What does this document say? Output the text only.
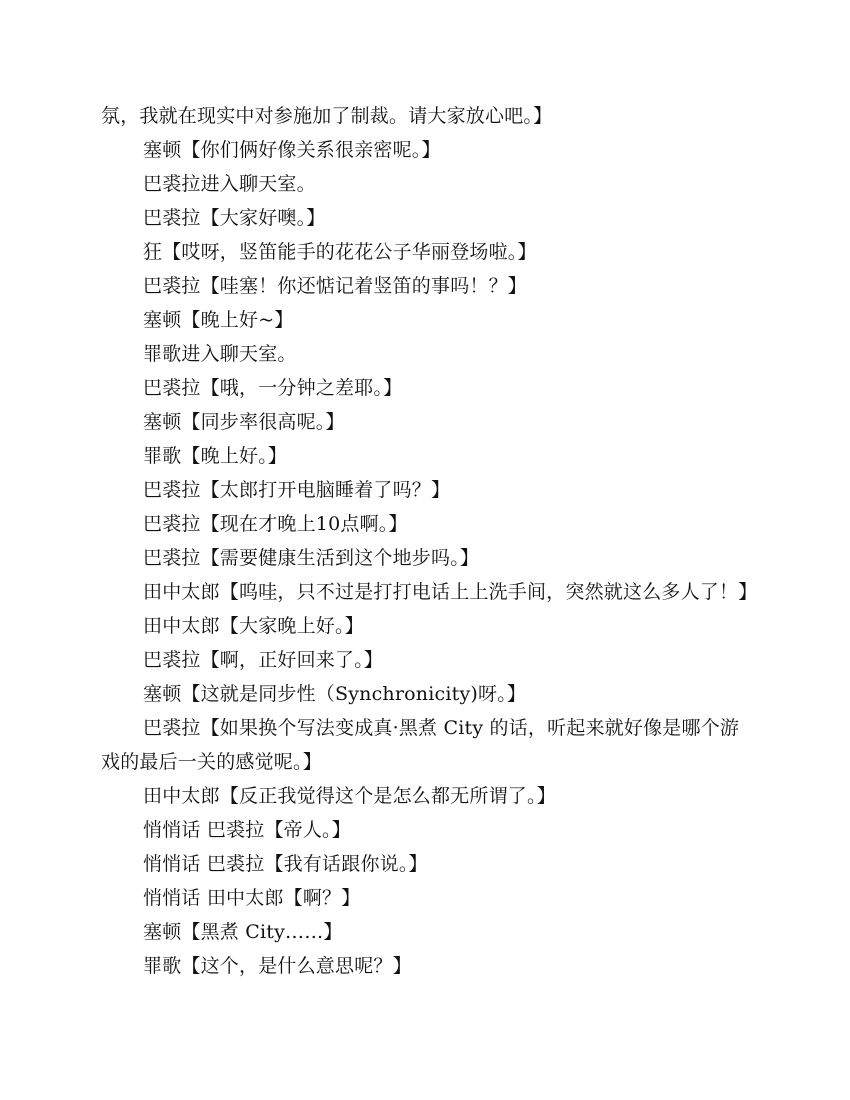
氛，我就在现实中对参施加了制裁。请大家放心吧。】

塞顿【你们俩好像关系很亲密呢。】

巴裘拉进入聊天室。

巴裘拉【大家好噢。】

狂【哎呀，竖笛能手的花花公子华丽登场啦。】

巴裘拉【哇塞！你还惦记着竖笛的事吗！？】

塞顿【晚上好~】

罪歌进入聊天室。

巴裘拉【哦，一分钟之差耶。】

塞顿【同步率很高呢。】

罪歌【晚上好。】

巴裘拉【太郎打开电脑睡着了吗？】

巴裘拉【现在才晚上10点啊。】

巴裘拉【需要健康生活到这个地步吗。】

田中太郎【呜哇，只不过是打打电话上上洗手间，突然就这么多人了！】

田中太郎【大家晚上好。】

巴裘拉【啊，正好回来了。】

塞顿【这就是同步性（Synchronicity)呀。】

巴裘拉【如果换个写法变成真·黑煮 City 的话，听起来就好像是哪个游戏的最后一关的感觉呢。】

田中太郎【反正我觉得这个是怎么都无所谓了。】

悄悄话 巴裘拉【帝人。】

悄悄话 巴裘拉【我有话跟你说。】

悄悄话 田中太郎【啊？】

塞顿【黑煮 City……】

罪歌【这个，是什么意思呢？】
